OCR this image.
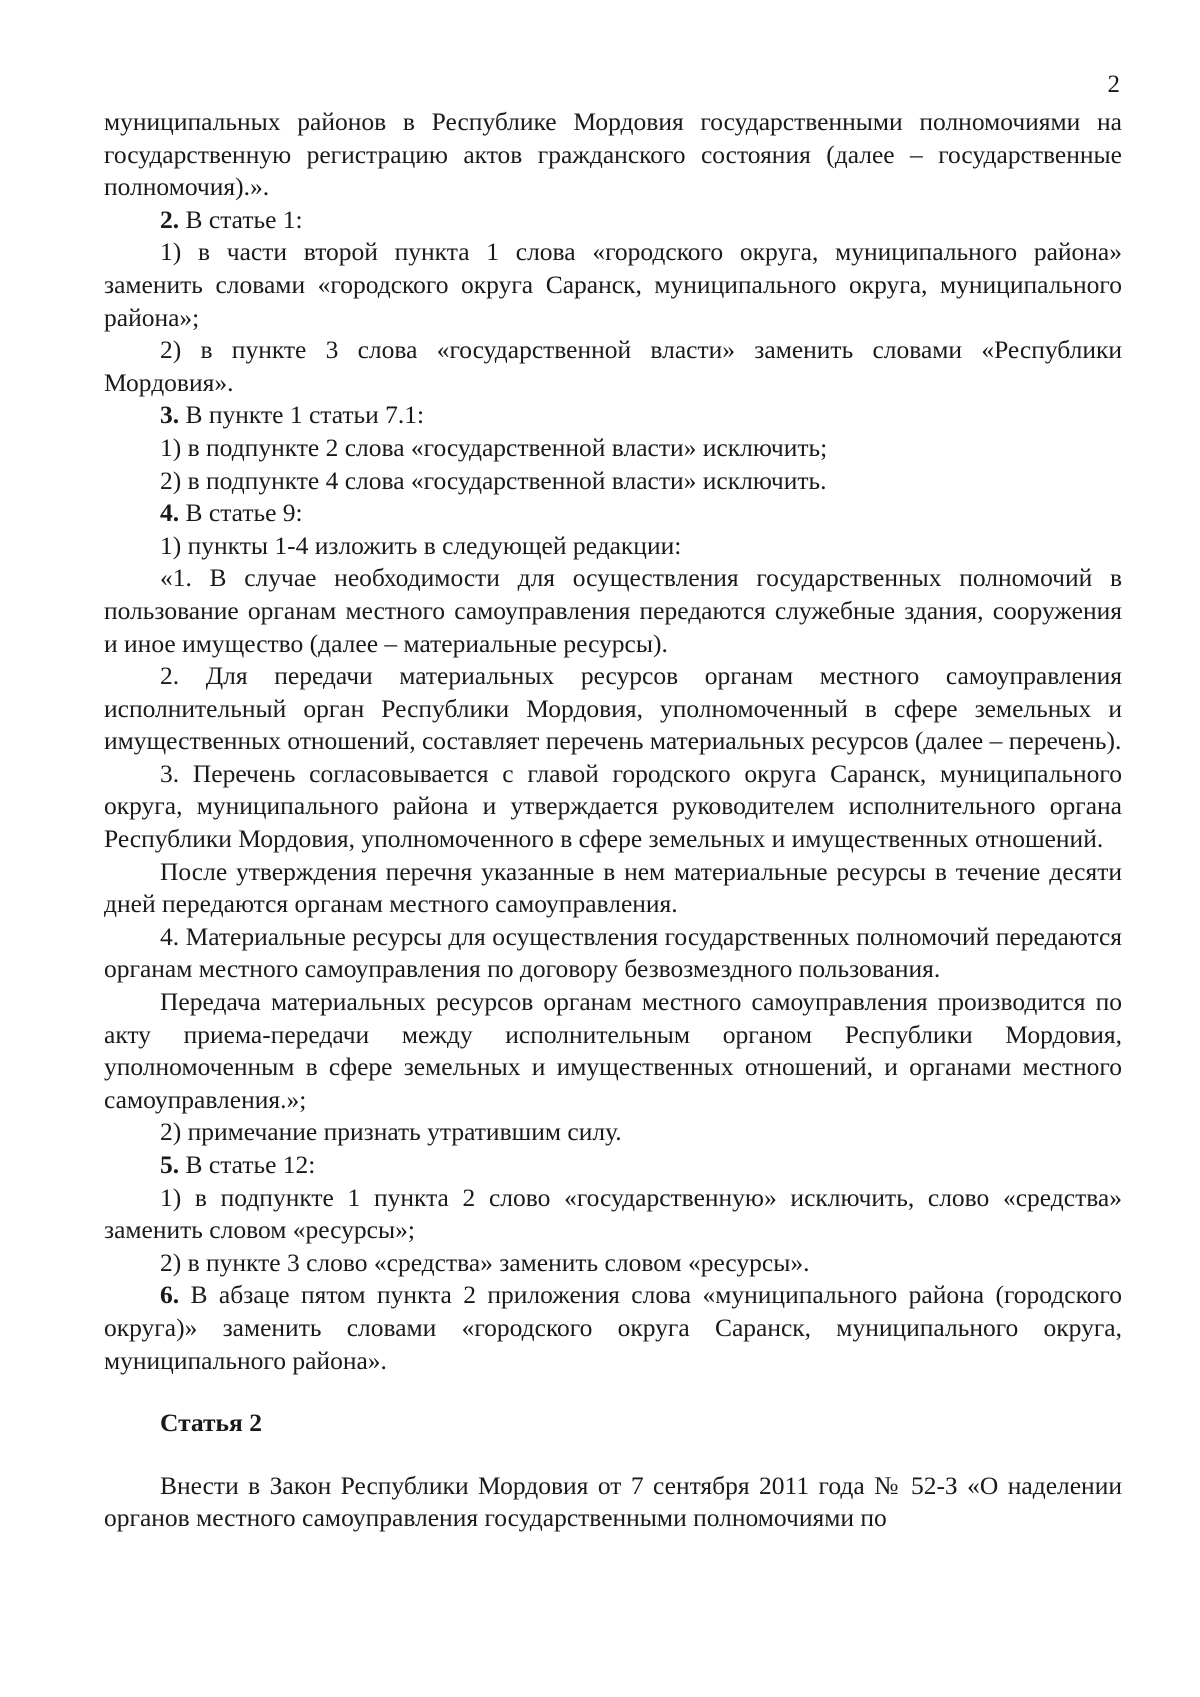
2

муниципальных районов в Республике Мордовия государственными полномочиями на государственную регистрацию актов гражданского состояния (далее – государственные полномочия).».

2. В статье 1:

1) в части второй пункта 1 слова «городского округа, муниципального района» заменить словами «городского округа Саранск, муниципального округа, муниципального района»;

2) в пункте 3 слова «государственной власти» заменить словами «Республики Мордовия».

3. В пункте 1 статьи 7.1:

1) в подпункте 2 слова «государственной власти» исключить;

2) в подпункте 4 слова «государственной власти» исключить.

4. В статье 9:

1) пункты 1-4 изложить в следующей редакции:

«1. В случае необходимости для осуществления государственных полномочий в пользование органам местного самоуправления передаются служебные здания, сооружения и иное имущество (далее – материальные ресурсы).

2. Для передачи материальных ресурсов органам местного самоуправления исполнительный орган Республики Мордовия, уполномоченный в сфере земельных и имущественных отношений, составляет перечень материальных ресурсов (далее – перечень).

3. Перечень согласовывается с главой городского округа Саранск, муниципального округа, муниципального района и утверждается руководителем исполнительного органа Республики Мордовия, уполномоченного в сфере земельных и имущественных отношений.

После утверждения перечня указанные в нем материальные ресурсы в течение десяти дней передаются органам местного самоуправления.

4. Материальные ресурсы для осуществления государственных полномочий передаются органам местного самоуправления по договору безвозмездного пользования.

Передача материальных ресурсов органам местного самоуправления производится по акту приема-передачи между исполнительным органом Республики Мордовия, уполномоченным в сфере земельных и имущественных отношений, и органами местного самоуправления.»;

2) примечание признать утратившим силу.

5. В статье 12:

1) в подпункте 1 пункта 2 слово «государственную» исключить, слово «средства» заменить словом «ресурсы»;

2) в пункте 3 слово «средства» заменить словом «ресурсы».

6. В абзаце пятом пункта 2 приложения слова «муниципального района (городского округа)» заменить словами «городского округа Саранск, муниципального округа, муниципального района».

Статья 2

Внести в Закон Республики Мордовия от 7 сентября 2011 года № 52-З «О наделении органов местного самоуправления государственными полномочиями по
